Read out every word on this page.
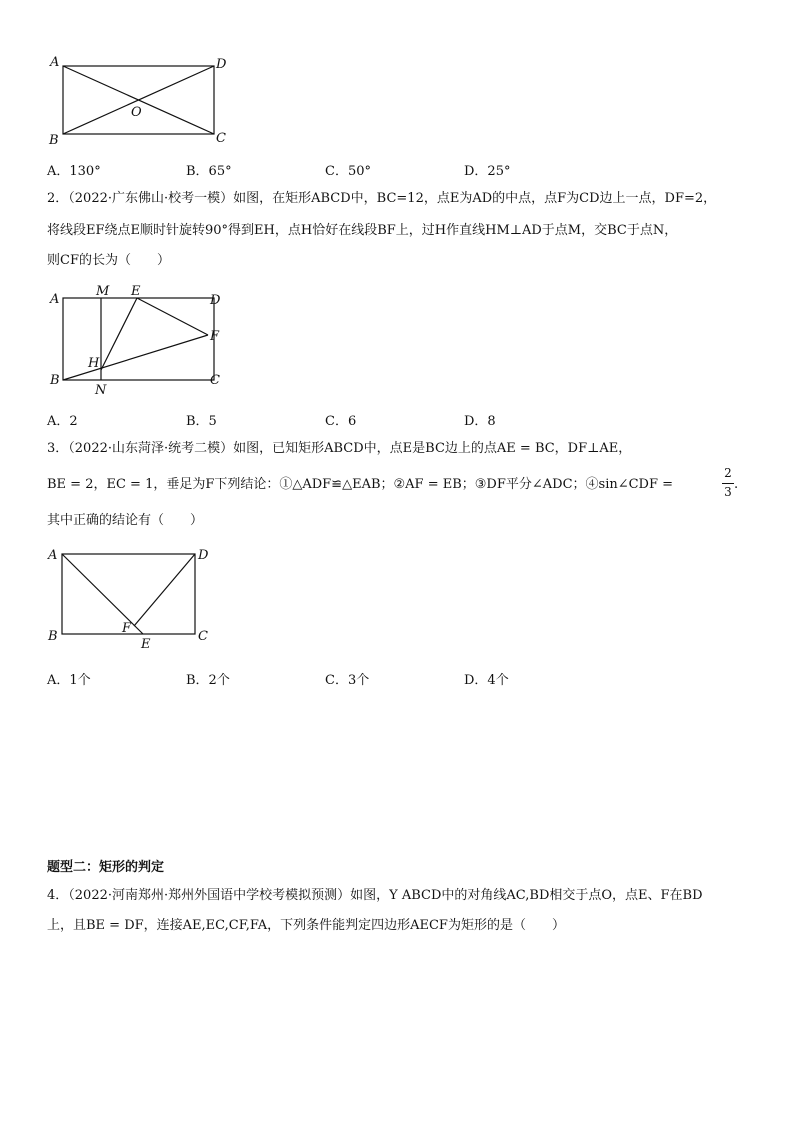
A	D
O
B	C
A．130°	B．65°	C．50°	D．25°
2．（2022·广东佛山·校考一模）如图，在矩形ABCD中，BC=12，点E为AD的中点，点F为CD边上一点，DF=2，
将线段EF绕点E顺时针旋转90°得到EH，点H恰好在线段BF上，过H作直线HM⊥AD于点M，交BC于点N，
则CF的长为（　　）
A
M E
D
F
H
B
N
C
A．2	B．5	C．6	D．8
3．（2022·山东菏泽·统考二模）如图，已知矩形ABCD中，点E是BC边上的点AE = BC，DF⊥AE，
BE = 2，EC = 1，垂足为F下列结论：①△ADF≌△EAB；②AF = EB；③DF平分∠ADC；④sin∠CDF =
2
3 .
其中正确的结论有（　　）
A	D
B
F
E
C
A．1个	B．2个	C．3个	D．4个
题型二：矩形的判定
4．（2022·河南郑州·郑州外国语中学校考模拟预测）如图，Y ABCD中的对角线AC,BD相交于点O，点E、F在BD
上，且BE = DF，连接AE,EC,CF,FA，下列条件能判定四边形AECF为矩形的是（　　）
